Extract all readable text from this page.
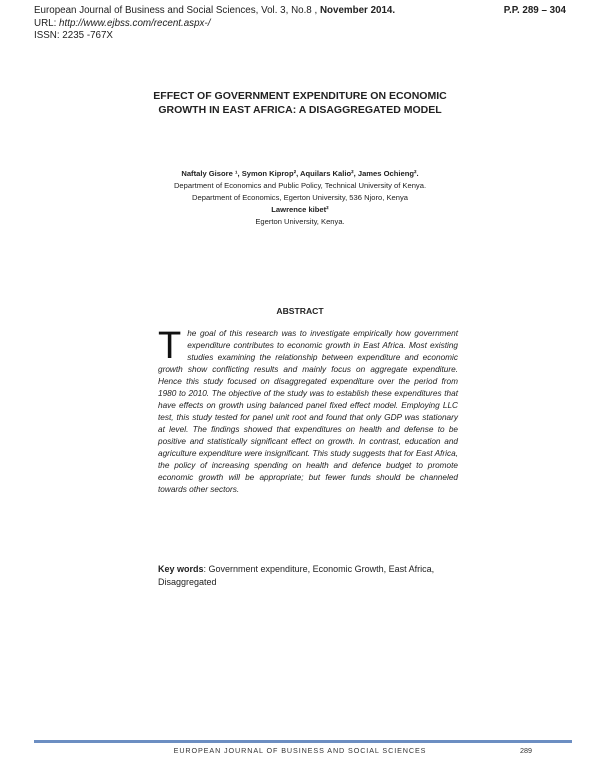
European Journal of Business and Social Sciences, Vol. 3, No.8 , November 2014.
URL: http://www.ejbss.com/recent.aspx-/
ISSN: 2235 -767X
P.P. 289 – 304
EFFECT OF GOVERNMENT EXPENDITURE ON ECONOMIC
GROWTH IN EAST AFRICA: A DISAGGREGATED MODEL
Naftaly Gisore ¹, Symon Kiprop², Aquilars Kalio², James Ochieng².
Department of Economics and Public Policy, Technical University of Kenya.
Department of Economics, Egerton University, 536 Njoro, Kenya
Lawrence kibet²
Egerton University, Kenya.
ABSTRACT
The goal of this research was to investigate empirically how government expenditure contributes to economic growth in East Africa. Most existing studies examining the relationship between expenditure and economic growth show conflicting results and mainly focus on aggregate expenditure. Hence this study focused on disaggregated expenditure over the period from 1980 to 2010. The objective of the study was to establish these expenditures that have effects on growth using balanced panel fixed effect model. Employing LLC test, this study tested for panel unit root and found that only GDP was stationary at level. The findings showed that expenditures on health and defense to be positive and statistically significant effect on growth. In contrast, education and agriculture expenditure were insignificant. This study suggests that for East Africa, the policy of increasing spending on health and defence budget to promote economic growth will be appropriate; but fewer funds should be channeled towards other sectors.
Key words: Government expenditure, Economic Growth, East Africa, Disaggregated
EUROPEAN JOURNAL OF BUSINESS AND SOCIAL SCIENCES	289
